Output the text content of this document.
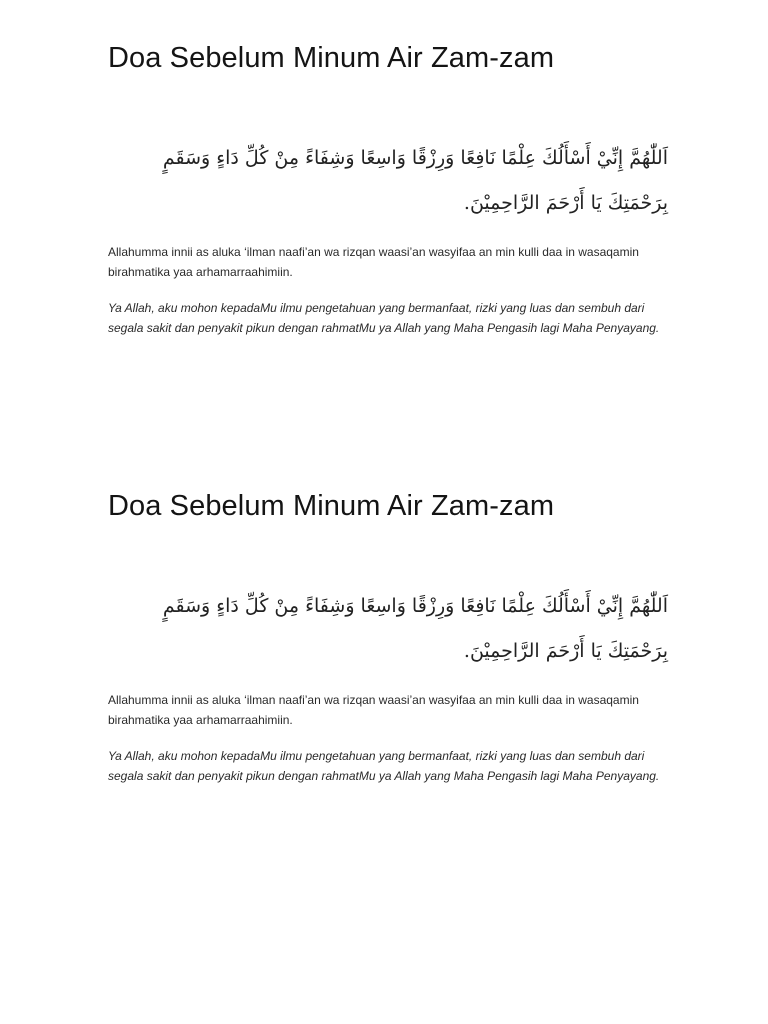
Doa Sebelum Minum Air Zam-zam
اَللّٰهُمَّ إِنِّيْ أَسْأَلُكَ عِلْمًا نَافِعًا وَرِزْقًا وَاسِعًا وَشِفَاءً مِنْ كُلِّ دَاءٍ وَسَقَمٍ بِرَحْمَتِكَ يَا أَرْحَمَ الرَّاحِمِيْنَ.

Allahumma innii as aluka ‘ilman naafi’an wa rizqan waasi’an wasyifaa an min kulli daa in wasaqamin birahmatika yaa arhamarraahimiin.

Ya Allah, aku mohon kepadaMu ilmu pengetahuan yang bermanfaat, rizki yang luas dan sembuh dari segala sakit dan penyakit pikun dengan rahmatMu ya Allah yang Maha Pengasih lagi Maha Penyayang.

Doa Sebelum Minum Air Zam-zam
اَللّٰهُمَّ إِنِّيْ أَسْأَلُكَ عِلْمًا نَافِعًا وَرِزْقًا وَاسِعًا وَشِفَاءً مِنْ كُلِّ دَاءٍ وَسَقَمٍ بِرَحْمَتِكَ يَا أَرْحَمَ الرَّاحِمِيْنَ.

Allahumma innii as aluka ‘ilman naafi’an wa rizqan waasi’an wasyifaa an min kulli daa in wasaqamin birahmatika yaa arhamarraahimiin.

Ya Allah, aku mohon kepadaMu ilmu pengetahuan yang bermanfaat, rizki yang luas dan sembuh dari segala sakit dan penyakit pikun dengan rahmatMu ya Allah yang Maha Pengasih lagi Maha Penyayang.
